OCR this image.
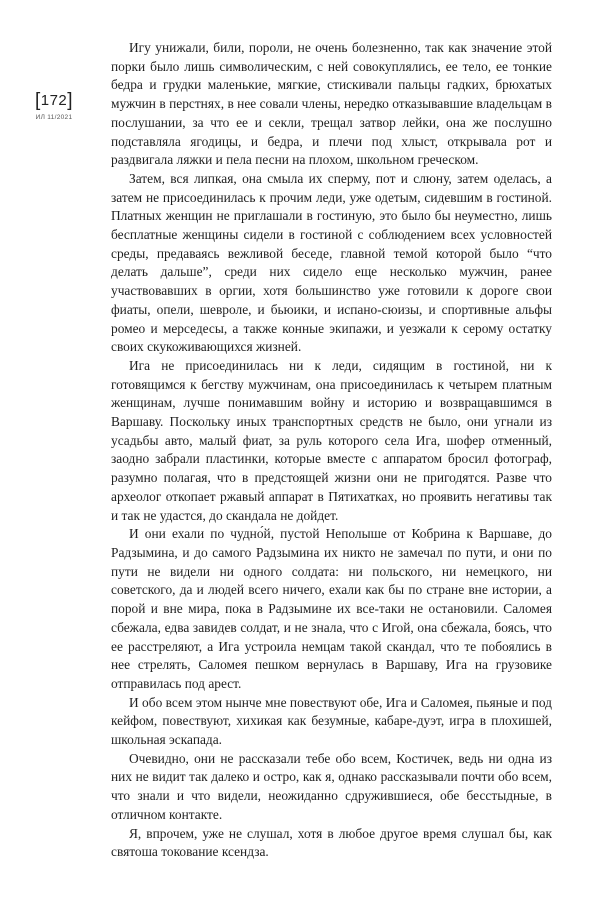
[172]
ИЛ 11/2021

Игу унижали, били, пороли, не очень болезненно, так как значение этой порки было лишь символическим, с ней совокуплялись, ее тело, ее тонкие бедра и грудки маленькие, мягкие, стискивали пальцы гадких, брюхатых мужчин в перстнях, в нее совали члены, нередко отказывавшие владельцам в послушании, за что ее и секли, трещал затвор лейки, она же послушно подставляла ягодицы, и бедра, и плечи под хлыст, открывала рот и раздвигала ляжки и пела песни на плохом, школьном греческом.

Затем, вся липкая, она смыла их сперму, пот и слюну, затем оделась, а затем не присоединилась к прочим леди, уже одетым, сидевшим в гостиной. Платных женщин не приглашали в гостиную, это было бы неуместно, лишь бесплатные женщины сидели в гостиной с соблюдением всех условностей среды, предаваясь вежливой беседе, главной темой которой было “что делать дальше”, среди них сидело еще несколько мужчин, ранее участвовавших в оргии, хотя большинство уже готовили к дороге свои фиаты, опели, шевроле, и бьюики, и испано-сюизы, и спортивные альфы ромео и мерседесы, а также конные экипажи, и уезжали к серому остатку своих скукоживающихся жизней.

Ига не присоединилась ни к леди, сидящим в гостиной, ни к готовящимся к бегству мужчинам, она присоединилась к четырем платным женщинам, лучше понимавшим войну и историю и возвращавшимся в Варшаву. Поскольку иных транспортных средств не было, они угнали из усадьбы авто, малый фиат, за руль которого села Ига, шофер отменный, заодно забрали пластинки, которые вместе с аппаратом бросил фотограф, разумно полагая, что в предстоящей жизни они не пригодятся. Разве что археолог откопает ржавый аппарат в Пятихатках, но проявить негативы так и так не удастся, до скандала не дойдет.

И они ехали по чудно́й, пустой Неполыше от Кобрина к Варшаве, до Радзымина, и до самого Радзымина их никто не замечал по пути, и они по пути не видели ни одного солдата: ни польского, ни немецкого, ни советского, да и людей всего ничего, ехали как бы по стране вне истории, а порой и вне мира, пока в Радзымине их все-таки не остановили. Саломея сбежала, едва завидев солдат, и не знала, что с Игой, она сбежала, боясь, что ее расстреляют, а Ига устроила немцам такой скандал, что те побоялись в нее стрелять, Саломея пешком вернулась в Варшаву, Ига на грузовике отправилась под арест.

И обо всем этом нынче мне повествуют обе, Ига и Саломея, пьяные и под кейфом, повествуют, хихикая как безумные, кабаре-дуэт, игра в плохишей, школьная эскапада.

Очевидно, они не рассказали тебе обо всем, Костичек, ведь ни одна из них не видит так далеко и остро, как я, однако рассказывали почти обо всем, что знали и что видели, неожиданно сдружившиеся, обе бесстыдные, в отличном контакте.

Я, впрочем, уже не слушал, хотя в любое другое время слушал бы, как святоша токование ксендза.
